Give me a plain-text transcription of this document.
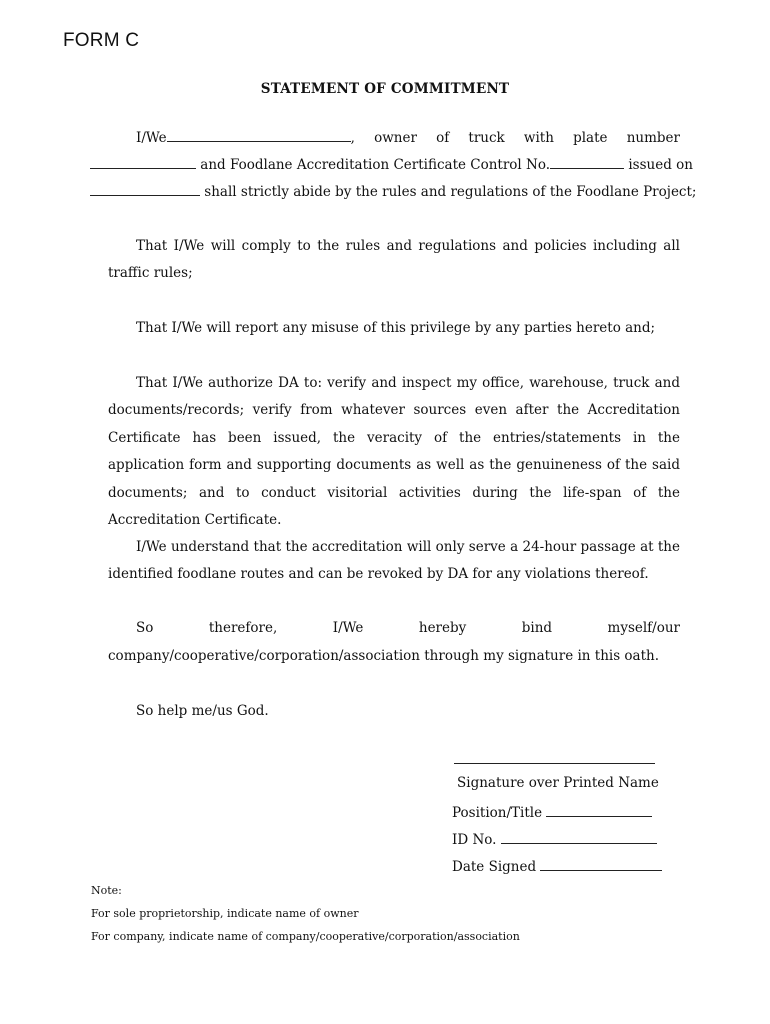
FORM C
STATEMENT OF COMMITMENT
I/We	, owner of truck with plate number
and Foodlane Accreditation Certificate Control No.	issued on
shall strictly abide by the rules and regulations of the Foodlane Project;
That I/We will comply to the rules and regulations and policies including all traffic rules;
That I/We will report any misuse of this privilege by any parties hereto and;
That I/We authorize DA to: verify and inspect my office, warehouse, truck and documents/records; verify from whatever sources even after the Accreditation Certificate has been issued, the veracity of the entries/statements in the application form and supporting documents as well as the genuineness of the said documents; and to conduct visitorial activities during the life-span of the Accreditation Certificate.
I/We understand that the accreditation will only serve a 24-hour passage at the identified foodlane routes and can be revoked by DA for any violations thereof.
So	therefore,	I/We	hereby	bind	myself/our
company/cooperative/corporation/association through my signature in this oath.
So help me/us God.
Signature over Printed Name
Position/Title
ID No.
Date Signed
Note:
For sole proprietorship, indicate name of owner
For company, indicate name of company/cooperative/corporation/association
